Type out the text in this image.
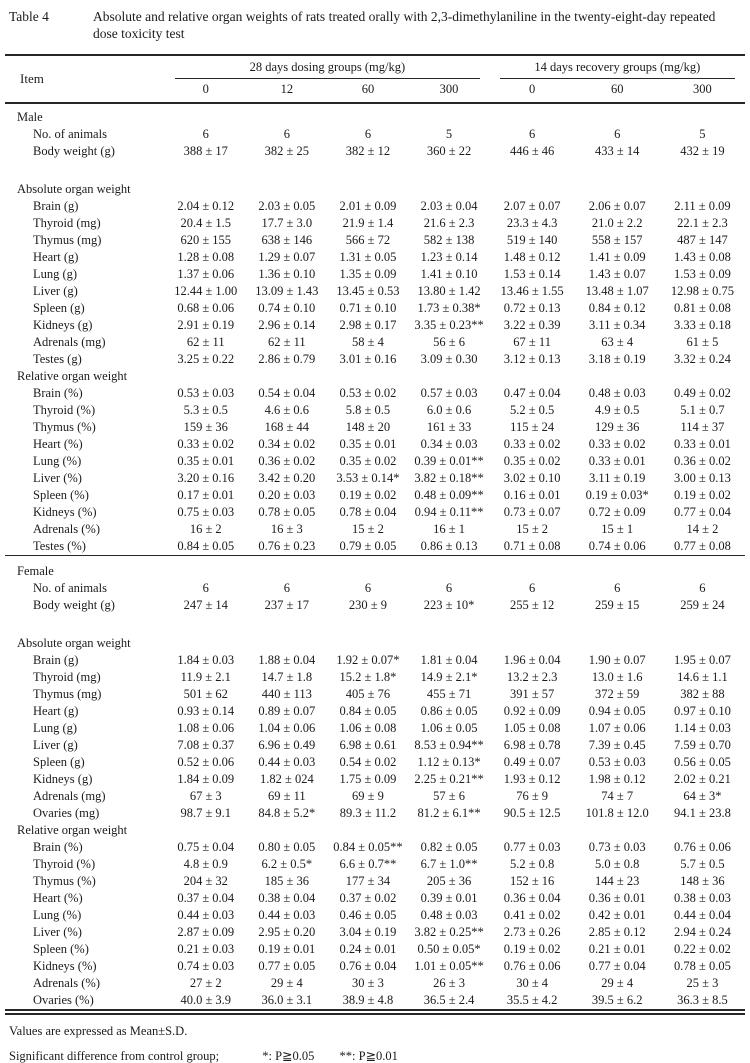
Table 4	Absolute and relative organ weights of rats treated orally with 2,3-dimethylaniline in the twenty-eight-day repeated dose toxicity test
Item	28 days dosing groups (mg/kg)				14 days recovery groups (mg/kg)		

	0	12	60	300	0	60	300
Male							
No. of animals	6	6	6	5	6	6	5
Body weight (g)	388 ± 17	382 ± 25	382 ± 12	360 ± 22	446 ± 46	433 ± 14	432 ± 19

Absolute organ weight							
Brain (g)	2.04 ± 0.12	2.03 ± 0.05	2.01 ± 0.09	2.03 ± 0.04	2.07 ± 0.07	2.06 ± 0.07	2.11 ± 0.09
Thyroid (mg)	20.4 ± 1.5	17.7 ± 3.0	21.9 ± 1.4	21.6 ± 2.3	23.3 ± 4.3	21.0 ± 2.2	22.1 ± 2.3
Thymus (mg)	620 ± 155	638 ± 146	566 ± 72	582 ± 138	519 ± 140	558 ± 157	487 ± 147
Heart (g)	1.28 ± 0.08	1.29 ± 0.07	1.31 ± 0.05	1.23 ± 0.14	1.48 ± 0.12	1.41 ± 0.09	1.43 ± 0.08
Lung (g)	1.37 ± 0.06	1.36 ± 0.10	1.35 ± 0.09	1.41 ± 0.10	1.53 ± 0.14	1.43 ± 0.07	1.53 ± 0.09
Liver (g)	12.44 ± 1.00	13.09 ± 1.43	13.45 ± 0.53	13.80 ± 1.42	13.46 ± 1.55	13.48 ± 1.07	12.98 ± 0.75
Spleen (g)	0.68 ± 0.06	0.74 ± 0.10	0.71 ± 0.10	1.73 ± 0.38*	0.72 ± 0.13	0.84 ± 0.12	0.81 ± 0.08
Kidneys (g)	2.91 ± 0.19	2.96 ± 0.14	2.98 ± 0.17	3.35 ± 0.23**	3.22 ± 0.39	3.11 ± 0.34	3.33 ± 0.18
Adrenals (mg)	62 ± 11	62 ± 11	58 ± 4	56 ± 6	67 ± 11	63 ± 4	61 ± 5
Testes (g)	3.25 ± 0.22	2.86 ± 0.79	3.01 ± 0.16	3.09 ± 0.30	3.12 ± 0.13	3.18 ± 0.19	3.32 ± 0.24
Relative organ weight							
Brain (%)	0.53 ± 0.03	0.54 ± 0.04	0.53 ± 0.02	0.57 ± 0.03	0.47 ± 0.04	0.48 ± 0.03	0.49 ± 0.02
Thyroid (%)	5.3 ± 0.5	4.6 ± 0.6	5.8 ± 0.5	6.0 ± 0.6	5.2 ± 0.5	4.9 ± 0.5	5.1 ± 0.7
Thymus (%)	159 ± 36	168 ± 44	148 ± 20	161 ± 33	115 ± 24	129 ± 36	114 ± 37
Heart (%)	0.33 ± 0.02	0.34 ± 0.02	0.35 ± 0.01	0.34 ± 0.03	0.33 ± 0.02	0.33 ± 0.02	0.33 ± 0.01
Lung (%)	0.35 ± 0.01	0.36 ± 0.02	0.35 ± 0.02	0.39 ± 0.01**	0.35 ± 0.02	0.33 ± 0.01	0.36 ± 0.02
Liver (%)	3.20 ± 0.16	3.42 ± 0.20	3.53 ± 0.14*	3.82 ± 0.18**	3.02 ± 0.10	3.11 ± 0.19	3.00 ± 0.13
Spleen (%)	0.17 ± 0.01	0.20 ± 0.03	0.19 ± 0.02	0.48 ± 0.09**	0.16 ± 0.01	0.19 ± 0.03*	0.19 ± 0.02
Kidneys (%)	0.75 ± 0.03	0.78 ± 0.05	0.78 ± 0.04	0.94 ± 0.11**	0.73 ± 0.07	0.72 ± 0.09	0.77 ± 0.04
Adrenals (%)	16 ± 2	16 ± 3	15 ± 2	16 ± 1	15 ± 2	15 ± 1	14 ± 2
Testes (%)	0.84 ± 0.05	0.76 ± 0.23	0.79 ± 0.05	0.86 ± 0.13	0.71 ± 0.08	0.74 ± 0.06	0.77 ± 0.08
Female							
No. of animals	6	6	6	6	6	6	6
Body weight (g)	247 ± 14	237 ± 17	230 ± 9	223 ± 10*	255 ± 12	259 ± 15	259 ± 24

Absolute organ weight							
Brain (g)	1.84 ± 0.03	1.88 ± 0.04	1.92 ± 0.07*	1.81 ± 0.04	1.96 ± 0.04	1.90 ± 0.07	1.95 ± 0.07
Thyroid (mg)	11.9 ± 2.1	14.7 ± 1.8	15.2 ± 1.8*	14.9 ± 2.1*	13.2 ± 2.3	13.0 ± 1.6	14.6 ± 1.1
Thymus (mg)	501 ± 62	440 ± 113	405 ± 76	455 ± 71	391 ± 57	372 ± 59	382 ± 88
Heart (g)	0.93 ± 0.14	0.89 ± 0.07	0.84 ± 0.05	0.86 ± 0.05	0.92 ± 0.09	0.94 ± 0.05	0.97 ± 0.10
Lung (g)	1.08 ± 0.06	1.04 ± 0.06	1.06 ± 0.08	1.06 ± 0.05	1.05 ± 0.08	1.07 ± 0.06	1.14 ± 0.03
Liver (g)	7.08 ± 0.37	6.96 ± 0.49	6.98 ± 0.61	8.53 ± 0.94**	6.98 ± 0.78	7.39 ± 0.45	7.59 ± 0.70
Spleen (g)	0.52 ± 0.06	0.44 ± 0.03	0.54 ± 0.02	1.12 ± 0.13*	0.49 ± 0.07	0.53 ± 0.03	0.56 ± 0.05
Kidneys (g)	1.84 ± 0.09	1.82 ± 024	1.75 ± 0.09	2.25 ± 0.21**	1.93 ± 0.12	1.98 ± 0.12	2.02 ± 0.21
Adrenals (mg)	67 ± 3	69 ± 11	69 ± 9	57 ± 6	76 ± 9	74 ± 7	64 ± 3*
Ovaries (mg)	98.7 ± 9.1	84.8 ± 5.2*	89.3 ± 11.2	81.2 ± 6.1**	90.5 ± 12.5	101.8 ± 12.0	94.1 ± 23.8
Relative organ weight							
Brain (%)	0.75 ± 0.04	0.80 ± 0.05	0.84 ± 0.05**	0.82 ± 0.05	0.77 ± 0.03	0.73 ± 0.03	0.76 ± 0.06
Thyroid (%)	4.8 ± 0.9	6.2 ± 0.5*	6.6 ± 0.7**	6.7 ± 1.0**	5.2 ± 0.8	5.0 ± 0.8	5.7 ± 0.5
Thymus (%)	204 ± 32	185 ± 36	177 ± 34	205 ± 36	152 ± 16	144 ± 23	148 ± 36
Heart (%)	0.37 ± 0.04	0.38 ± 0.04	0.37 ± 0.02	0.39 ± 0.01	0.36 ± 0.04	0.36 ± 0.01	0.38 ± 0.03
Lung (%)	0.44 ± 0.03	0.44 ± 0.03	0.46 ± 0.05	0.48 ± 0.03	0.41 ± 0.02	0.42 ± 0.01	0.44 ± 0.04
Liver (%)	2.87 ± 0.09	2.95 ± 0.20	3.04 ± 0.19	3.82 ± 0.25**	2.73 ± 0.26	2.85 ± 0.12	2.94 ± 0.24
Spleen (%)	0.21 ± 0.03	0.19 ± 0.01	0.24 ± 0.01	0.50 ± 0.05*	0.19 ± 0.02	0.21 ± 0.01	0.22 ± 0.02
Kidneys (%)	0.74 ± 0.03	0.77 ± 0.05	0.76 ± 0.04	1.01 ± 0.05**	0.76 ± 0.06	0.77 ± 0.04	0.78 ± 0.05
Adrenals (%)	27 ± 2	29 ± 4	30 ± 3	26 ± 3	30 ± 4	29 ± 4	25 ± 3
Ovaries (%)	40.0 ± 3.9	36.0 ± 3.1	38.9 ± 4.8	36.5 ± 2.4	35.5 ± 4.2	39.5 ± 6.2	36.3 ± 8.5
Values are expressed as Mean±S.D.
Significant difference from control group;	*: P≧0.05 **: P≧0.01
